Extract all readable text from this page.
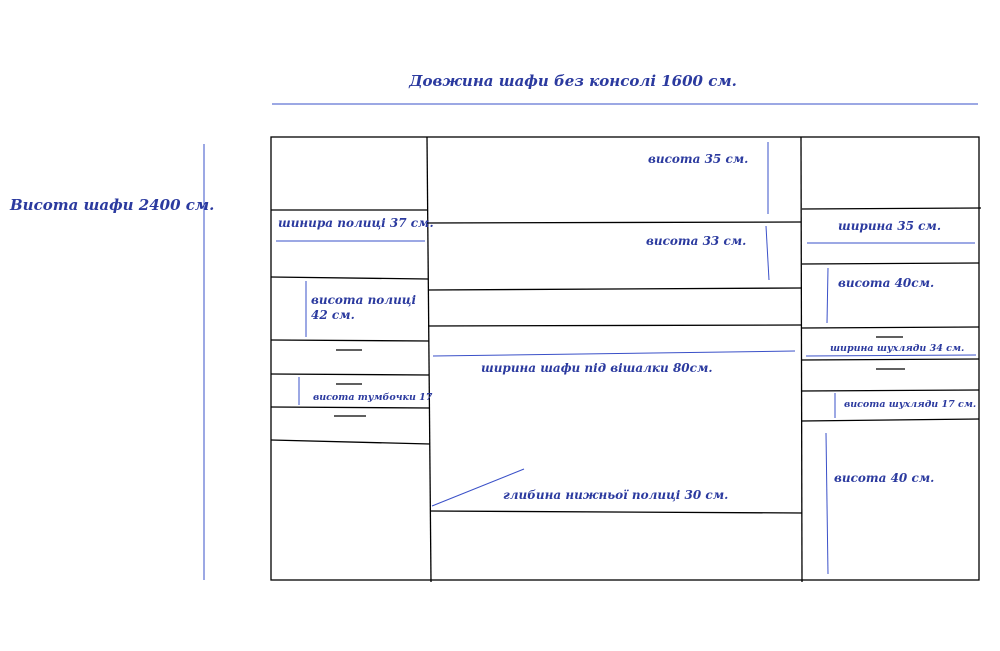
Довжина шафи без консолі 1600 см.
Висота шафи 2400 см.
шинира полиці 37 см.
висота полиці
42 см.
висота тумбочки 17
висота 35 см.
висота 33 см.
ширина шафи під вішалки 80см.
глибина нижньої полиці 30 см.
ширина 35 см.
висота 40см.
ширина шухляди 34 см.
висота шухляди 17 см.
висота 40 см.
